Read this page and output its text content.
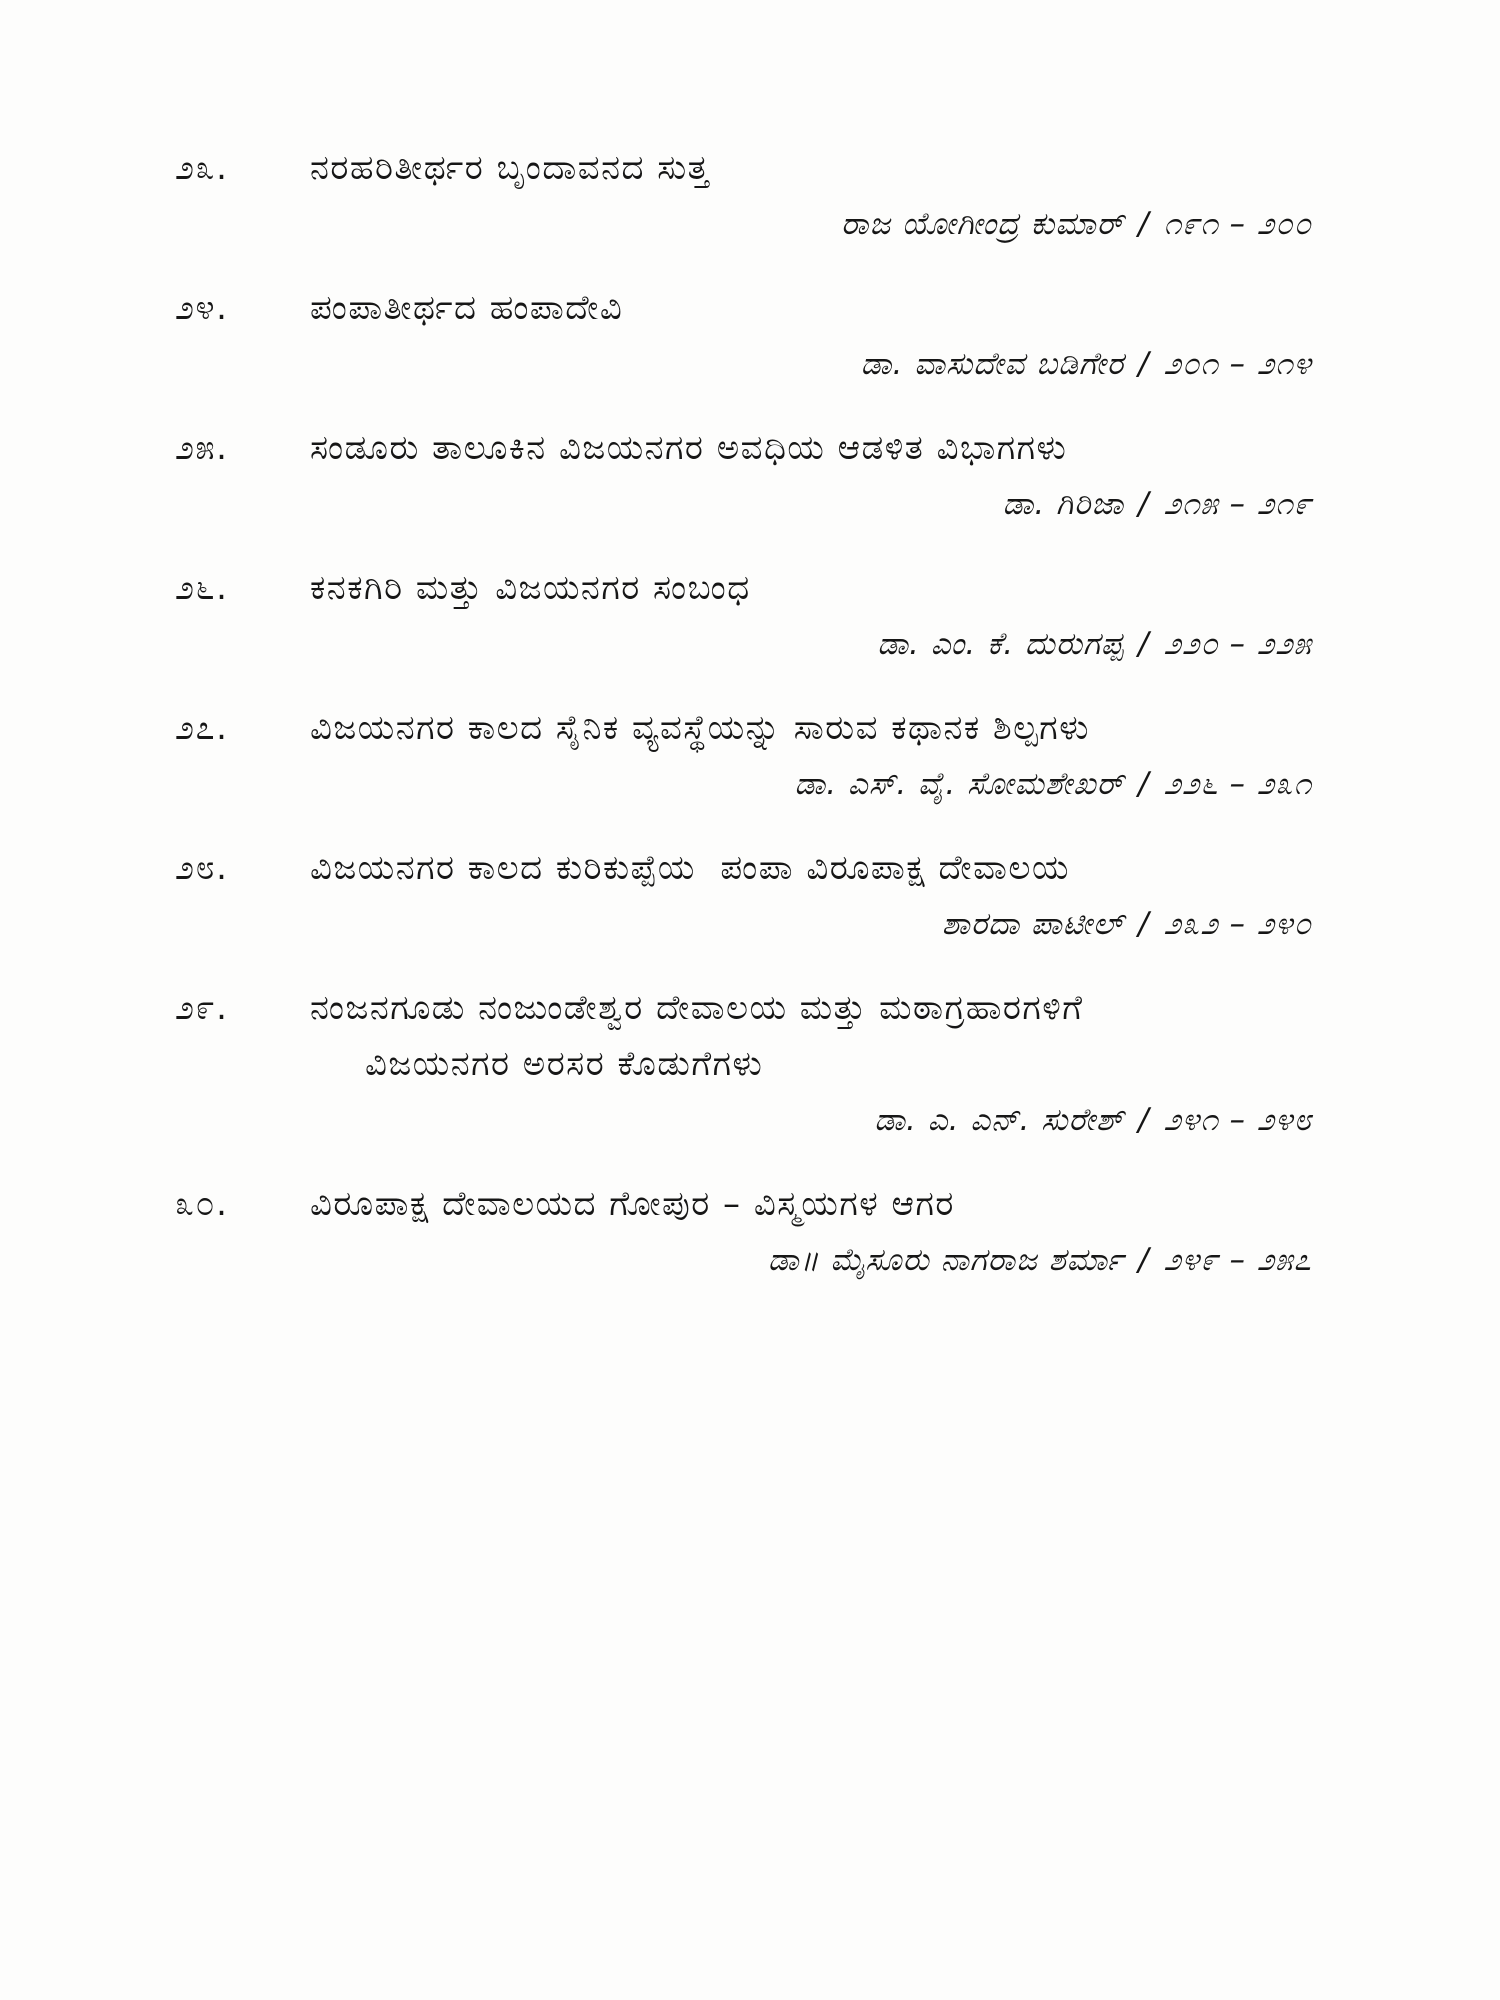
೨೩.	ನರಹರಿತೀರ್ಥರ ಬೃಂದಾವನದ ಸುತ್ತ
ರಾಜ ಯೋಗೀಂದ್ರ ಕುಮಾರ್ / ೧೯೧ – ೨೦೦
೨೪.	ಪಂಪಾತೀರ್ಥದ ಹಂಪಾದೇವಿ
ಡಾ. ವಾಸುದೇವ ಬಡಿಗೇರ / ೨೦೧ – ೨೧೪
೨೫.	ಸಂಡೂರು ತಾಲೂಕಿನ ವಿಜಯನಗರ ಅವಧಿಯ ಆಡಳಿತ ವಿಭಾಗಗಳು
ಡಾ. ಗಿರಿಜಾ / ೨೧೫ – ೨೧೯
೨೬.	ಕನಕಗಿರಿ ಮತ್ತು ವಿಜಯನಗರ ಸಂಬಂಧ
ಡಾ. ಎಂ. ಕೆ. ದುರುಗಪ್ಪ / ೨೨೦ – ೨೨೫
೨೭.	ವಿಜಯನಗರ ಕಾಲದ ಸೈನಿಕ ವ್ಯವಸ್ಥೆಯನ್ನು ಸಾರುವ ಕಥಾನಕ ಶಿಲ್ಪಗಳು
ಡಾ. ಎಸ್. ವೈ. ಸೋಮಶೇಖರ್ / ೨೨೬ – ೨೩೧
೨೮.	ವಿಜಯನಗರ ಕಾಲದ ಕುರಿಕುಪ್ಪೆಯ  ಪಂಪಾ ವಿರೂಪಾಕ್ಷ ದೇವಾಲಯ
ಶಾರದಾ ಪಾಟೀಲ್ / ೨೩೨ – ೨೪೦
೨೯.	ನಂಜನಗೂಡು ನಂಜುಂಡೇಶ್ವರ ದೇವಾಲಯ ಮತ್ತು ಮಠಾಗ್ರಹಾರಗಳಿಗೆ
ವಿಜಯನಗರ ಅರಸರ ಕೊಡುಗೆಗಳು
ಡಾ. ಎ. ಎನ್. ಸುರೇಶ್ / ೨೪೧ – ೨೪೮
೩೦.	ವಿರೂಪಾಕ್ಷ ದೇವಾಲಯದ ಗೋಪುರ – ವಿಸ್ಮಯಗಳ ಆಗರ
ಡಾ॥ ಮೈಸೂರು ನಾಗರಾಜ ಶರ್ಮಾ / ೨೪೯ – ೨೫೭
